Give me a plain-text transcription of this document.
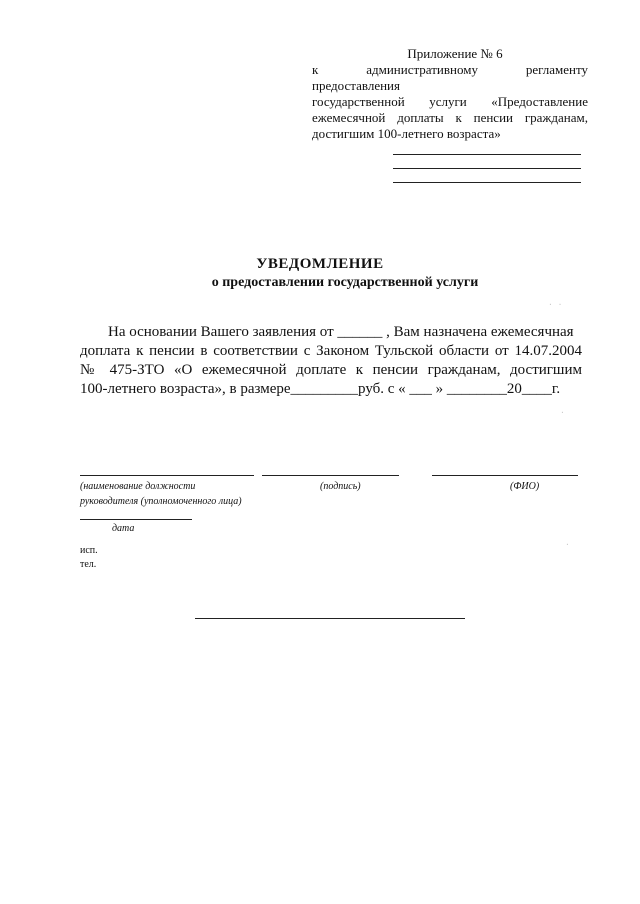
Приложение № 6
к административному регламенту предоставления
государственной услуги «Предоставление
ежемесячной доплаты к пенсии гражданам,
достигшим 100-летнего возраста»
УВЕДОМЛЕНИЕ
о предоставлении государственной услуги
На основании Вашего заявления от ______ , Вам назначена ежемесячная
доплата к пенсии в соответствии с Законом Тульской области от 14.07.2004
№ 475-ЗТО «О ежемесячной доплате к пенсии гражданам, достигшим
100-летнего возраста», в размере_________руб. с « ___ » ________20____г.
(наименование должности
руководителя (уполномоченного лица)
(подпись)	(ФИО)
дата
исп.
тел.
· ·
·
·
